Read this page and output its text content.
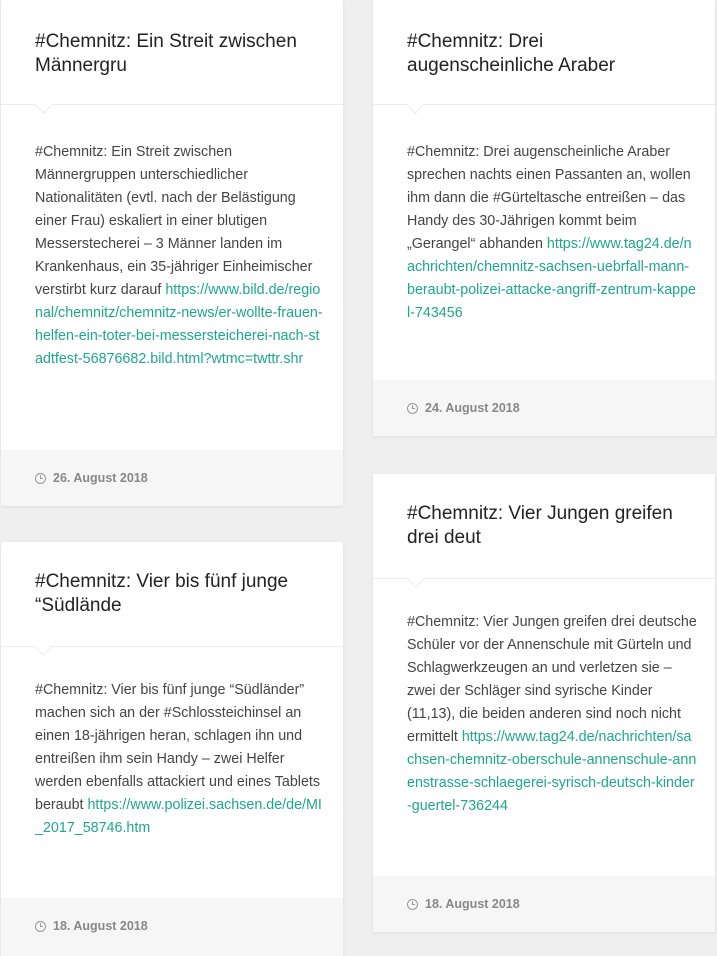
#Chemnitz: Ein Streit zwischen Männergru
#Chemnitz: Ein Streit zwischen Männergruppen unterschiedlicher Nationalitäten (evtl. nach der Belästigung einer Frau) eskaliert in einer blutigen Messerstecherei – 3 Männer landen im Krankenhaus, ein 35-jähriger Einheimischer verstirbt kurz darauf https://www.bild.de/regional/chemnitz/chemnitz-news/er-wollte-frauen-helfen-ein-toter-bei-messersteicherei-nach-stadtfest-56876682.bild.html?wtmc=twttr.shr
26. August 2018
#Chemnitz: Drei augenscheinliche Araber
#Chemnitz: Drei augenscheinliche Araber sprechen nachts einen Passanten an, wollen ihm dann die #Gürteltasche entreißen – das Handy des 30-Jährigen kommt beim „Gerangel“ abhanden https://www.tag24.de/nachrichten/chemnitz-sachsen-uebrfall-mann-beraubt-polizei-attacke-angriff-zentrum-kappel-743456
24. August 2018
#Chemnitz: Vier bis fünf junge “Südlände
#Chemnitz: Vier bis fünf junge “Südländer” machen sich an der #Schlossteichinsel an einen 18-jährigen heran, schlagen ihn und entreißen ihm sein Handy – zwei Helfer werden ebenfalls attackiert und eines Tablets beraubt https://www.polizei.sachsen.de/de/MI_2017_58746.htm
18. August 2018
#Chemnitz: Vier Jungen greifen drei deut
#Chemnitz: Vier Jungen greifen drei deutsche Schüler vor der Annenschule mit Gürteln und Schlagwerkzeugen an und verletzen sie – zwei der Schläger sind syrische Kinder (11,13), die beiden anderen sind noch nicht ermittelt https://www.tag24.de/nachrichten/sachsen-chemnitz-oberschule-annenschule-annenstrasse-schlaegerei-syrisch-deutsch-kinder-guertel-736244
18. August 2018
